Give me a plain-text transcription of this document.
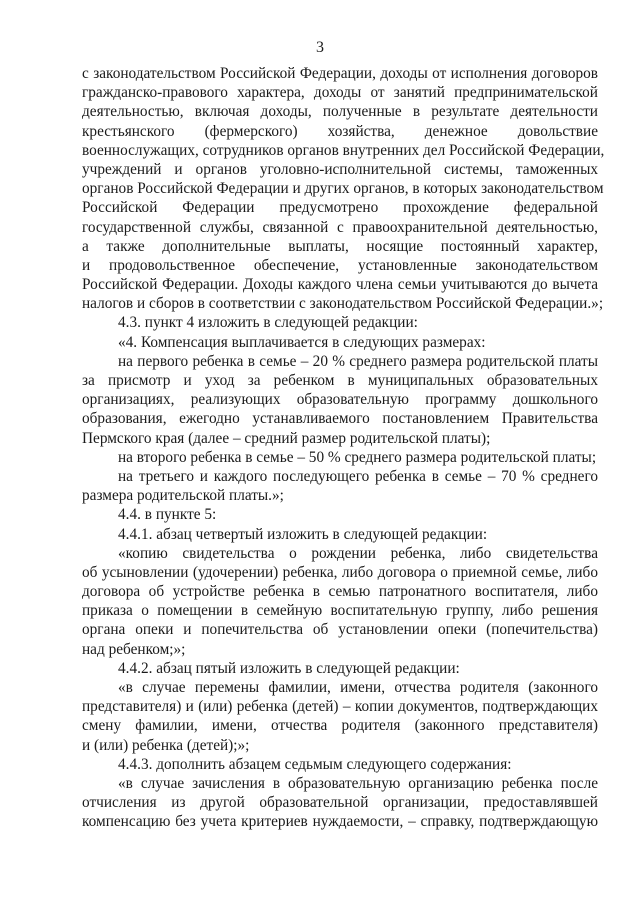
3
с законодательством Российской Федерации, доходы от исполнения договоров
гражданско-правового характера, доходы от занятий предпринимательской
деятельностью, включая доходы, полученные в результате деятельности
крестьянского (фермерского) хозяйства, денежное довольствие
военнослужащих, сотрудников органов внутренних дел Российской Федерации,
учреждений и органов уголовно-исполнительной системы, таможенных
органов Российской Федерации и других органов, в которых законодательством
Российской Федерации предусмотрено прохождение федеральной
государственной службы, связанной с правоохранительной деятельностью,
а также дополнительные выплаты, носящие постоянный характер,
и продовольственное обеспечение, установленные законодательством
Российской Федерации. Доходы каждого члена семьи учитываются до вычета
налогов и сборов в соответствии с законодательством Российской Федерации.»;
4.3. пункт 4 изложить в следующей редакции:
«4. Компенсация выплачивается в следующих размерах:
на первого ребенка в семье – 20 % среднего размера родительской платы
за присмотр и уход за ребенком в муниципальных образовательных
организациях, реализующих образовательную программу дошкольного
образования, ежегодно устанавливаемого постановлением Правительства
Пермского края (далее – средний размер родительской платы);
на второго ребенка в семье – 50 % среднего размера родительской платы;
на третьего и каждого последующего ребенка в семье – 70 % среднего
размера родительской платы.»;
4.4. в пункте 5:
4.4.1. абзац четвертый изложить в следующей редакции:
«копию свидетельства о рождении ребенка, либо свидетельства
об усыновлении (удочерении) ребенка, либо договора о приемной семье, либо
договора об устройстве ребенка в семью патронатного воспитателя, либо
приказа о помещении в семейную воспитательную группу, либо решения
органа опеки и попечительства об установлении опеки (попечительства)
над ребенком;»;
4.4.2. абзац пятый изложить в следующей редакции:
«в случае перемены фамилии, имени, отчества родителя (законного
представителя) и (или) ребенка (детей) – копии документов, подтверждающих
смену фамилии, имени, отчества родителя (законного представителя)
и (или) ребенка (детей);»;
4.4.3. дополнить абзацем седьмым следующего содержания:
«в случае зачисления в образовательную организацию ребенка после
отчисления из другой образовательной организации, предоставлявшей
компенсацию без учета критериев нуждаемости, – справку, подтверждающую
